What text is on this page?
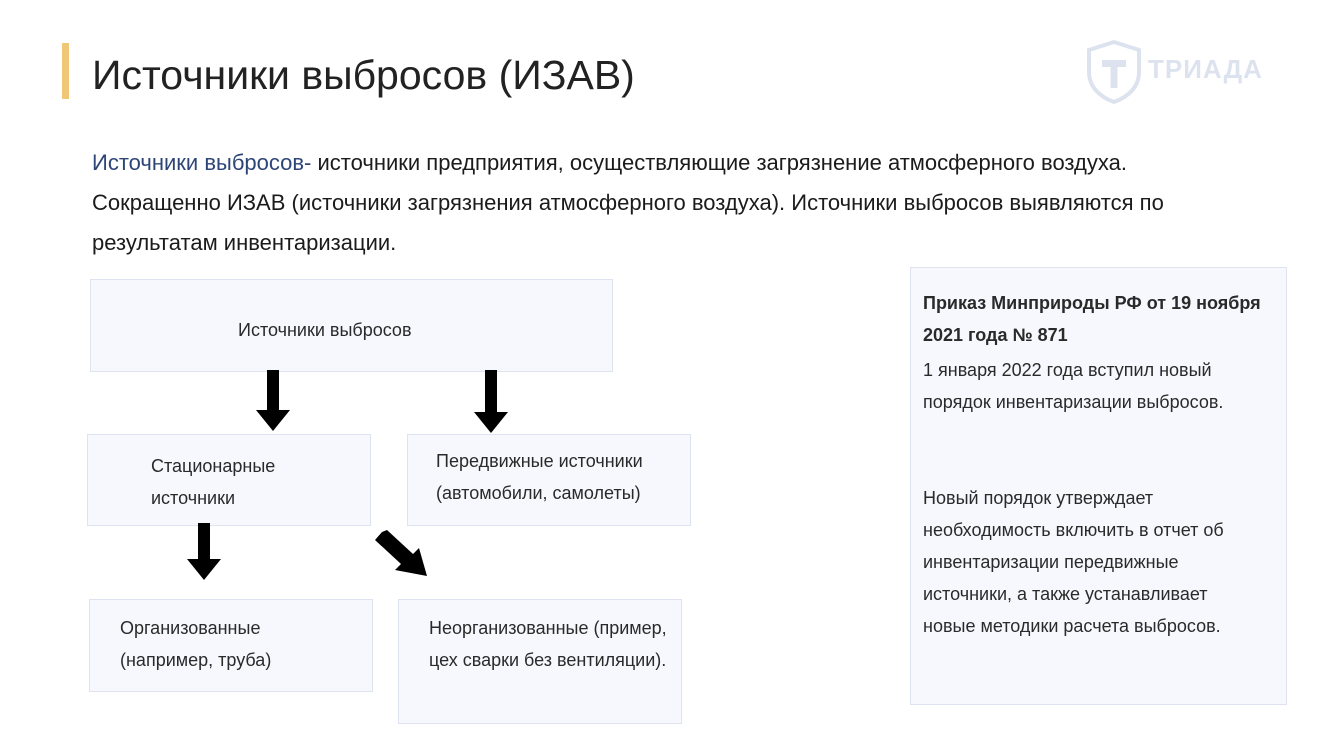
Источники выбросов (ИЗАВ)	ТРИАДА
Источники выбросов- источники предприятия, осуществляющие загрязнение атмосферного воздуха. Сокращенно ИЗАВ (источники загрязнения атмосферного воздуха). Источники выбросов выявляются по результатам инвентаризации.
Источники выбросов
Стационарные источники
Передвижные источники (автомобили, самолеты)
Организованные (например, труба)
Неорганизованные (пример, цех сварки без вентиляции).
Приказ Минприроды РФ от 19 ноября 2021 года № 871
1 января 2022 года вступил новый порядок инвентаризации выбросов.
Новый порядок утверждает необходимость включить в отчет об инвентаризации передвижные источники, а также устанавливает новые методики расчета выбросов.
